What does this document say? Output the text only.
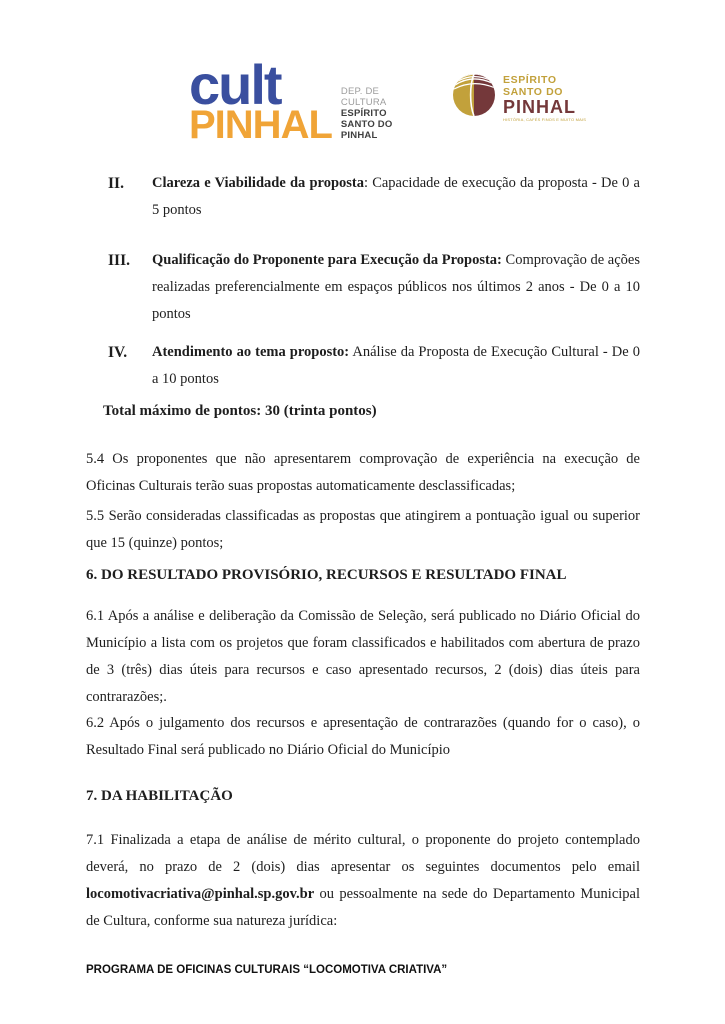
cult
PINHAL
DEP. DE
CULTURA
ESPÍRITO
SANTO DO
PINHAL
ESPÍRITO
SANTO DO
PINHAL
HISTÓRIA, CAFÉS FINOS E MUITO MAIS
II.	Clareza e Viabilidade da proposta: Capacidade de execução da proposta - De 0 a 5 pontos
III.	Qualificação do Proponente para Execução da Proposta: Comprovação de ações realizadas preferencialmente em espaços públicos nos últimos 2 anos - De 0 a 10 pontos
IV.	Atendimento ao tema proposto: Análise da Proposta de Execução Cultural - De 0 a 10 pontos
Total máximo de pontos: 30 (trinta pontos)
5.4 Os proponentes que não apresentarem comprovação de experiência na execução de Oficinas Culturais terão suas propostas automaticamente desclassificadas;
5.5 Serão consideradas classificadas as propostas que atingirem a pontuação igual ou superior que 15 (quinze) pontos;
6. DO RESULTADO PROVISÓRIO, RECURSOS E RESULTADO FINAL
6.1 Após a análise e deliberação da Comissão de Seleção, será publicado no Diário Oficial do Município a lista com os projetos que foram classificados e habilitados com abertura de prazo de 3 (três) dias úteis para recursos e caso apresentado recursos, 2 (dois) dias úteis para contrarazões;.
6.2 Após o julgamento dos recursos e apresentação de contrarazões (quando for o caso), o Resultado Final será publicado no Diário Oficial do Município
7. DA HABILITAÇÃO
7.1 Finalizada a etapa de análise de mérito cultural, o proponente do projeto contemplado deverá, no prazo de 2 (dois) dias apresentar os seguintes documentos pelo email locomotivacriativa@pinhal.sp.gov.br ou pessoalmente na sede do Departamento Municipal de Cultura, conforme sua natureza jurídica:
PROGRAMA DE OFICINAS CULTURAIS “LOCOMOTIVA CRIATIVA”
